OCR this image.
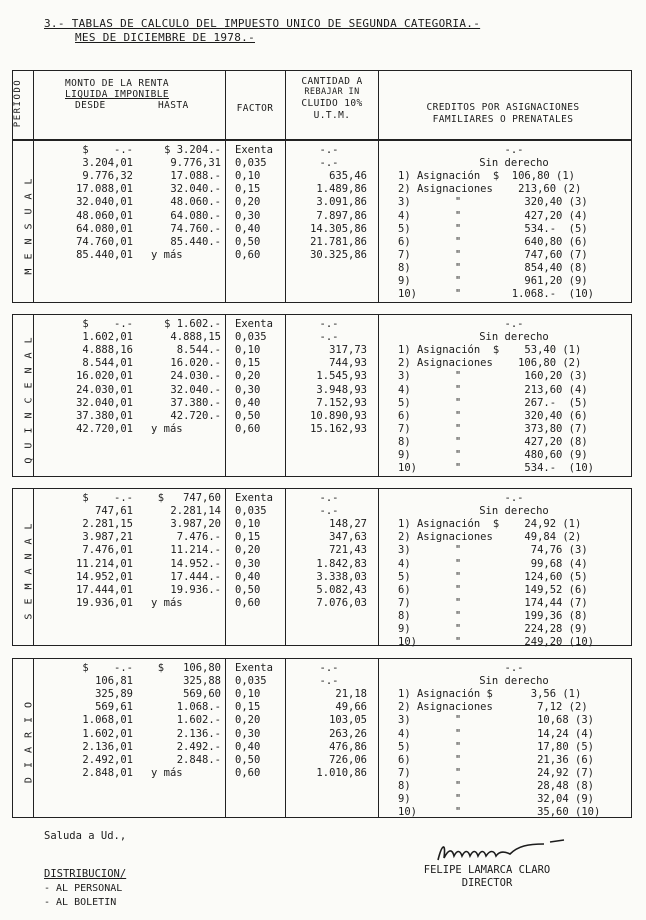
3.- TABLAS DE CALCULO DEL IMPUESTO UNICO DE SEGUNDA CATEGORIA.-
MES DE DICIEMBRE DE 1978.-
MONTO DE LA RENTA
LIQUIDA IMPONIBLE
DESDE	HASTA	FACTOR
CANTIDAD A
REBAJAR IN
CLUIDO 10%
U.T.M.
CREDITOS POR ASIGNACIONES
FAMILIARES O PRENATALES
PERIODO
MENSUAL
$    -.-
3.204,01
9.776,32
17.088,01
32.040,01
48.060,01
64.080,01
74.760,01
85.440,01
$ 3.204.-
9.776,31
17.088.-
32.040.-
48.060.-
64.080.-
74.760.-
85.440.-
y más
Exenta
0,035
0,10
0,15
0,20
0,30
0,40
0,50
0,60
-.-
-.-
635,46
1.489,86
3.091,86
7.897,86
14.305,86
21.781,86
30.325,86
-.-
Sin derecho
1) Asignación  $  106,80 (1)
2) Asignaciones    213,60 (2)
3)       "          320,40 (3)
4)       "          427,20 (4)
5)       "          534.-  (5)
6)       "          640,80 (6)
7)       "          747,60 (7)
8)       "          854,40 (8)
9)       "          961,20 (9)
10)      "        1.068.-  (10)
QUINCENAL
$    -.-
1.602,01
4.888,16
8.544,01
16.020,01
24.030,01
32.040,01
37.380,01
42.720,01
$ 1.602.-
4.888,15
8.544.-
16.020.-
24.030.-
32.040.-
37.380.-
42.720.-
y más
Exenta
0,035
0,10
0,15
0,20
0,30
0,40
0,50
0,60
-.-
-.-
317,73
744,93
1.545,93
3.948,93
7.152,93
10.890,93
15.162,93
-.-
Sin derecho
1) Asignación  $    53,40 (1)
2) Asignaciones    106,80 (2)
3)       "          160,20 (3)
4)       "          213,60 (4)
5)       "          267.-  (5)
6)       "          320,40 (6)
7)       "          373,80 (7)
8)       "          427,20 (8)
9)       "          480,60 (9)
10)      "          534.-  (10)
SEMANAL
$    -.-
747,61
2.281,15
3.987,21
7.476,01
11.214,01
14.952,01
17.444,01
19.936,01
$   747,60
2.281,14
3.987,20
7.476.-
11.214.-
14.952.-
17.444.-
19.936.-
y más
Exenta
0,035
0,10
0,15
0,20
0,30
0,40
0,50
0,60
-.-
-.-
148,27
347,63
721,43
1.842,83
3.338,03
5.082,43
7.076,03
-.-
Sin derecho
1) Asignación  $    24,92 (1)
2) Asignaciones     49,84 (2)
3)       "           74,76 (3)
4)       "           99,68 (4)
5)       "          124,60 (5)
6)       "          149,52 (6)
7)       "          174,44 (7)
8)       "          199,36 (8)
9)       "          224,28 (9)
10)      "          249,20 (10)
DIARIO
$    -.-
106,81
325,89
569,61
1.068,01
1.602,01
2.136,01
2.492,01
2.848,01
$   106,80
325,88
569,60
1.068.-
1.602.-
2.136.-
2.492.-
2.848.-
y más
Exenta
0,035
0,10
0,15
0,20
0,30
0,40
0,50
0,60
-.-
-.-
21,18
49,66
103,05
263,26
476,86
726,06
1.010,86
-.-
Sin derecho
1) Asignación $      3,56 (1)
2) Asignaciones       7,12 (2)
3)       "            10,68 (3)
4)       "            14,24 (4)
5)       "            17,80 (5)
6)       "            21,36 (6)
7)       "            24,92 (7)
8)       "            28,48 (8)
9)       "            32,04 (9)
10)      "            35,60 (10)
Saluda a Ud.,
DISTRIBUCION/
- AL PERSONAL
- AL BOLETIN
FELIPE LAMARCA CLARO
DIRECTOR
